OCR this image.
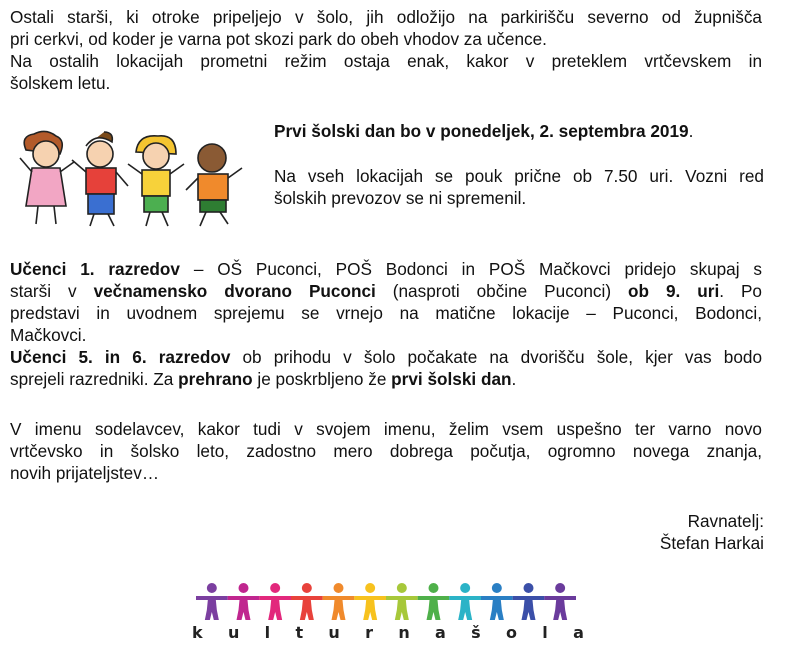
Ostali starši, ki otroke pripeljejo v šolo, jih odložijo na parkirišču severno od župnišča
pri cerkvi, od koder je varna pot skozi park do obeh vhodov za učence.
Na ostalih lokacijah prometni režim ostaja enak, kakor v preteklem vrtčevskem in
šolskem letu.
Prvi šolski dan bo v ponedeljek, 2. septembra 2019.
Na vseh lokacijah se pouk prične ob 7.50 uri. Vozni red
šolskih prevozov se ni spremenil.
Učenci 1. razredov – OŠ Puconci, POŠ Bodonci in POŠ Mačkovci pridejo skupaj s
starši v večnamensko dvorano Puconci (nasproti občine Puconci) ob 9. uri. Po
predstavi in uvodnem sprejemu se vrnejo na matične lokacije – Puconci, Bodonci,
Mačkovci.
Učenci 5. in 6. razredov ob prihodu v šolo počakate na dvorišču šole, kjer vas bodo
sprejeli razredniki. Za prehrano je poskrbljeno že prvi šolski dan.
V imenu sodelavcev, kakor tudi v svojem imenu, želim vsem uspešno ter varno novo
vrtčevsko in šolsko leto, zadostno mero dobrega počutja, ogromno novega znanja,
novih prijateljstev…
Ravnatelj:
Štefan Harkai
k u l t u r n a š o l a
